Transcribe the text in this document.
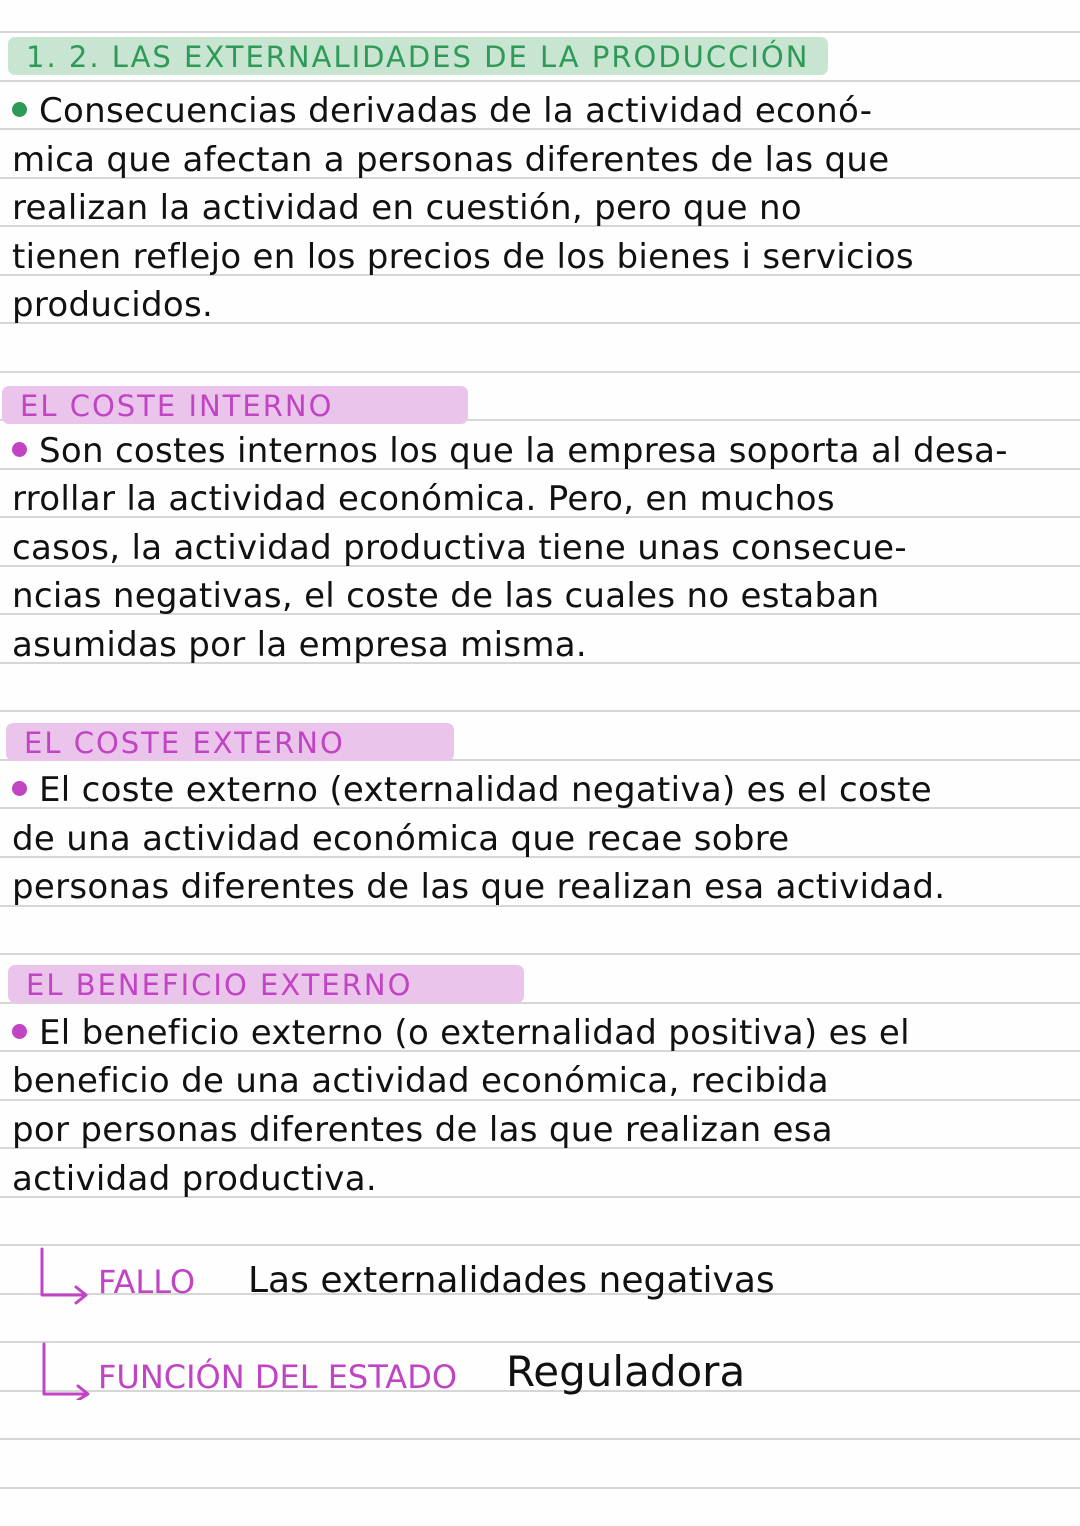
1. 2. LAS EXTERNALIDADES DE LA PRODUCCIÓN
Consecuencias derivadas de la actividad econó-
mica que afectan a personas diferentes de las que
realizan la actividad en cuestión, pero que no
tienen reflejo en los precios de los bienes i servicios
producidos.
EL COSTE INTERNO
Son costes internos los que la empresa soporta al desa-
rrollar la actividad económica. Pero, en muchos
casos, la actividad productiva tiene unas consecue-
ncias negativas, el coste de las cuales no estaban
asumidas por la empresa misma.
EL COSTE EXTERNO
El coste externo (externalidad negativa) es el coste
de una actividad económica que recae sobre
personas diferentes de las que realizan esa actividad.
EL BENEFICIO EXTERNO
El beneficio externo (o externalidad positiva) es el
beneficio de una actividad económica, recibida
por personas diferentes de las que realizan esa
actividad productiva.
FALLO Las externalidades negativas
FUNCIÓN DEL ESTADO Reguladora
